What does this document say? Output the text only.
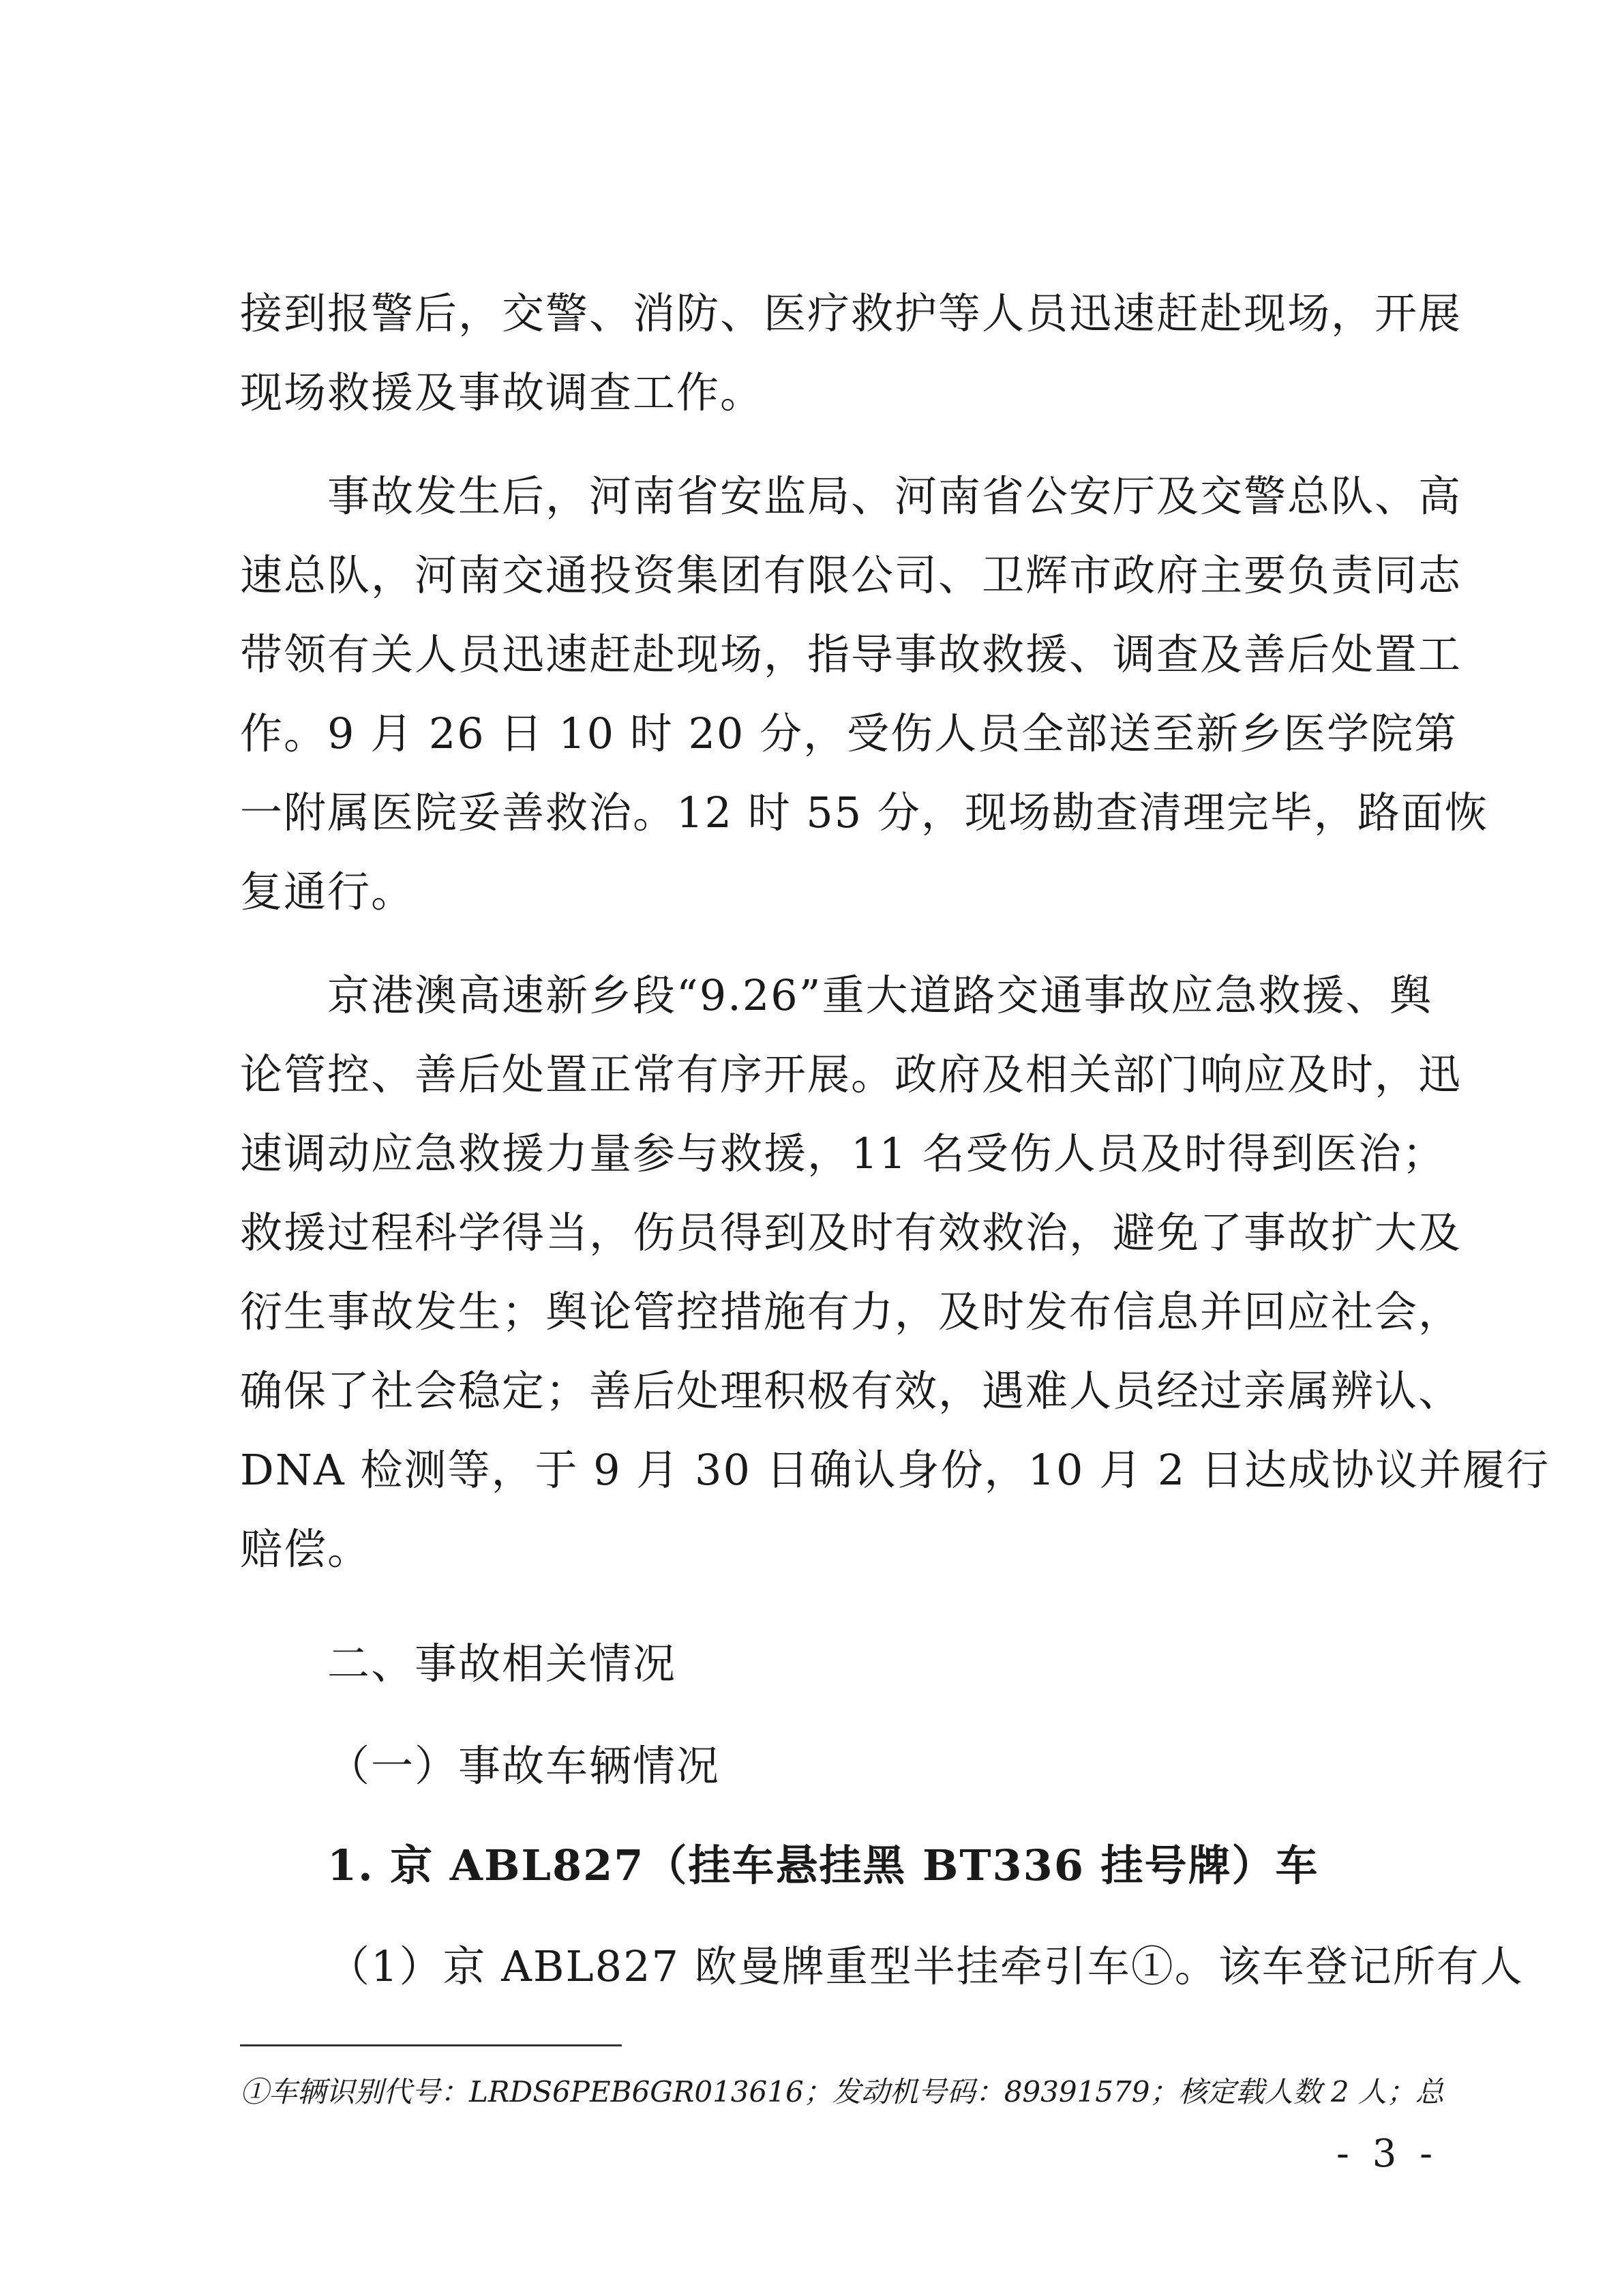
接到报警后，交警、消防、医疗救护等人员迅速赶赴现场，开展
现场救援及事故调查工作。
事故发生后，河南省安监局、河南省公安厅及交警总队、高
速总队，河南交通投资集团有限公司、卫辉市政府主要负责同志
带领有关人员迅速赶赴现场，指导事故救援、调查及善后处置工
作。9 月 26 日 10 时 20 分，受伤人员全部送至新乡医学院第
一附属医院妥善救治。12 时 55 分，现场勘查清理完毕，路面恢
复通行。
京港澳高速新乡段“9.26”重大道路交通事故应急救援、舆
论管控、善后处置正常有序开展。政府及相关部门响应及时，迅
速调动应急救援力量参与救援，11 名受伤人员及时得到医治；
救援过程科学得当，伤员得到及时有效救治，避免了事故扩大及
衍生事故发生；舆论管控措施有力，及时发布信息并回应社会，
确保了社会稳定；善后处理积极有效，遇难人员经过亲属辨认、
DNA 检测等，于 9 月 30 日确认身份，10 月 2 日达成协议并履行
赔偿。
二、事故相关情况
（一）事故车辆情况
1. 京 ABL827（挂车悬挂黑 BT336 挂号牌）车
（1）京 ABL827 欧曼牌重型半挂牵引车①。该车登记所有人
①车辆识别代号：LRDS6PEB6GR013616；发动机号码：89391579；核定载人数 2 人；总
- 3 -
